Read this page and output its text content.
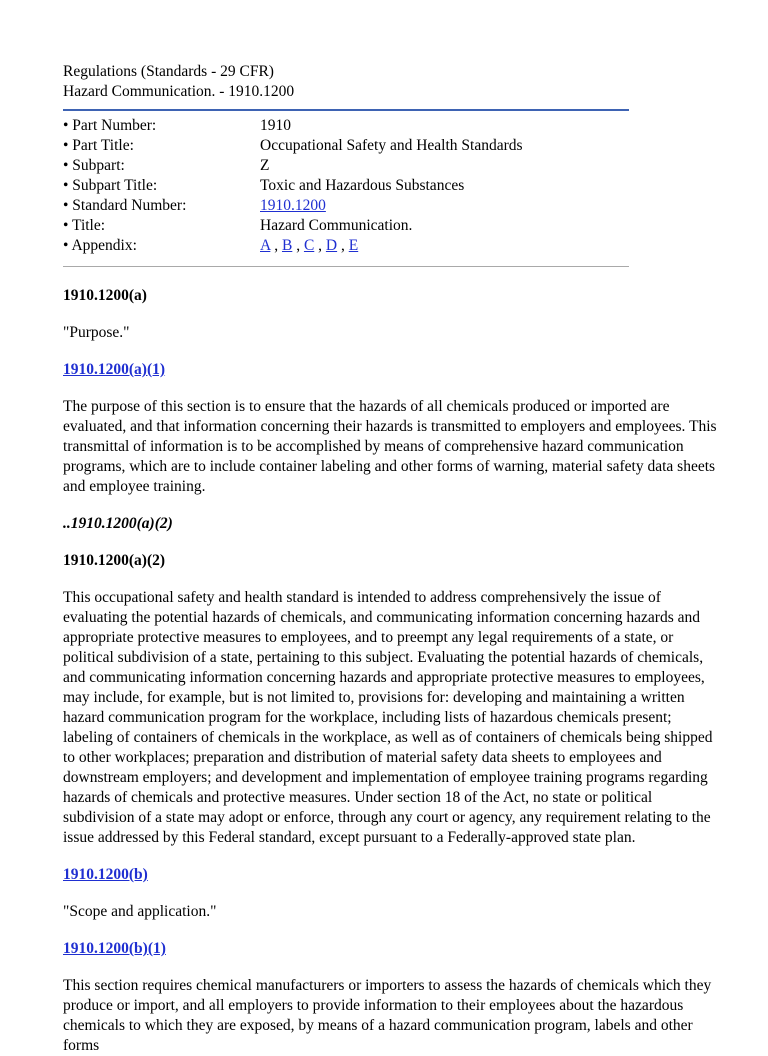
Regulations (Standards - 29 CFR)
Hazard Communication. - 1910.1200
• Part Number:	1910
• Part Title:	Occupational Safety and Health Standards
• Subpart:	Z
• Subpart Title:	Toxic and Hazardous Substances
• Standard Number:	1910.1200
• Title:	Hazard Communication.
• Appendix:	A , B , C , D , E

1910.1200(a)

"Purpose."

1910.1200(a)(1)

The purpose of this section is to ensure that the hazards of all chemicals produced or imported are evaluated, and that information concerning their hazards is transmitted to employers and employees. This transmittal of information is to be accomplished by means of comprehensive hazard communication programs, which are to include container labeling and other forms of warning, material safety data sheets and employee training.

..1910.1200(a)(2)

1910.1200(a)(2)

This occupational safety and health standard is intended to address comprehensively the issue of evaluating the potential hazards of chemicals, and communicating information concerning hazards and appropriate protective measures to employees, and to preempt any legal requirements of a state, or political subdivision of a state, pertaining to this subject. Evaluating the potential hazards of chemicals, and communicating information concerning hazards and appropriate protective measures to employees, may include, for example, but is not limited to, provisions for: developing and maintaining a written hazard communication program for the workplace, including lists of hazardous chemicals present; labeling of containers of chemicals in the workplace, as well as of containers of chemicals being shipped to other workplaces; preparation and distribution of material safety data sheets to employees and downstream employers; and development and implementation of employee training programs regarding hazards of chemicals and protective measures. Under section 18 of the Act, no state or political subdivision of a state may adopt or enforce, through any court or agency, any requirement relating to the issue addressed by this Federal standard, except pursuant to a Federally-approved state plan.

1910.1200(b)

"Scope and application."

1910.1200(b)(1)

This section requires chemical manufacturers or importers to assess the hazards of chemicals which they produce or import, and all employers to provide information to their employees about the hazardous chemicals to which they are exposed, by means of a hazard communication program, labels and other forms
